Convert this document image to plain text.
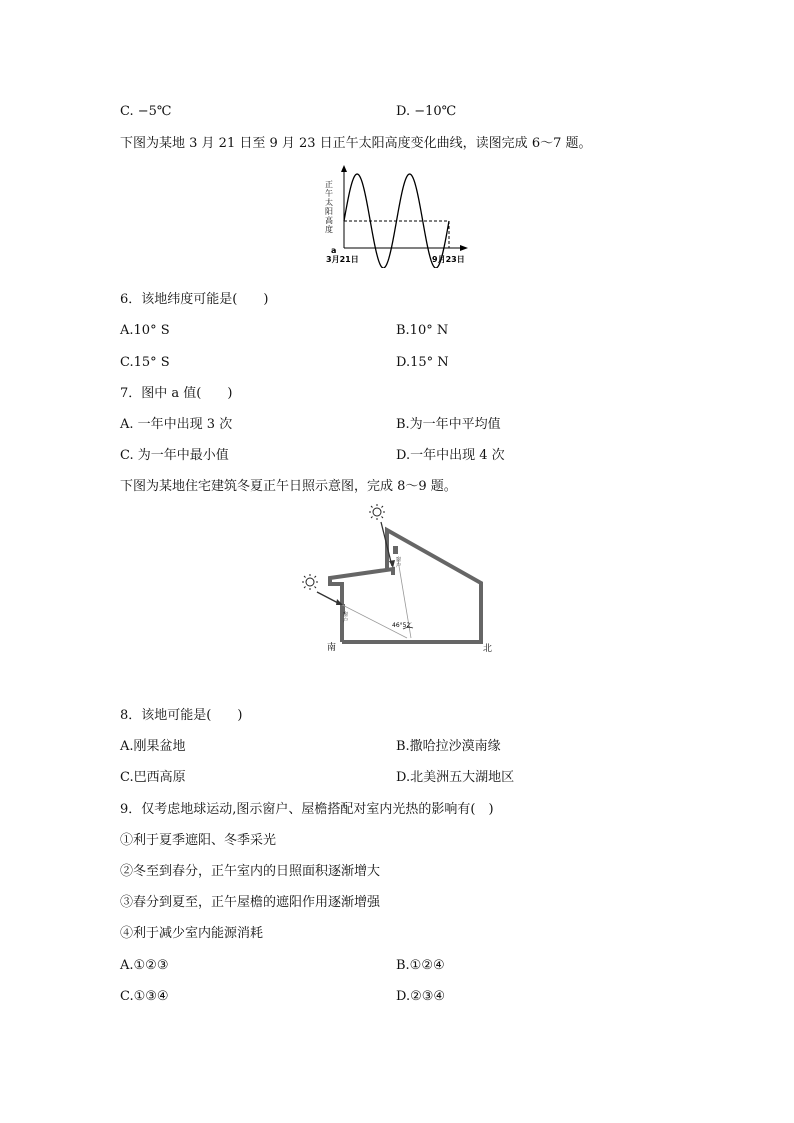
C. −5℃	D. −10℃
下图为某地 3 月 21 日至 9 月 23 日正午太阳高度变化曲线，读图完成 6～7 题。
a
3月21日	9月23日
正午太阳高度
6．该地纬度可能是(　　)
A.10° S	B.10° N
C.15° S	D.15° N
7．图中 a 值(　　)
A. 一年中出现 3 次	B.为一年中平均值
C. 为一年中最小值	D.一年中出现 4 次
下图为某地住宅建筑冬夏正午日照示意图，完成 8～9 题。
46°52′
南	北
窗户
窗户
8．该地可能是(　　)
A.刚果盆地	B.撒哈拉沙漠南缘
C.巴西高原	D.北美洲五大湖地区
9．仅考虑地球运动,图示窗户、屋檐搭配对室内光热的影响有(　)
①利于夏季遮阳、冬季采光
②冬至到春分，正午室内的日照面积逐渐增大
③春分到夏至，正午屋檐的遮阳作用逐渐增强
④利于减少室内能源消耗
A.①②③	B.①②④
C.①③④	D.②③④
